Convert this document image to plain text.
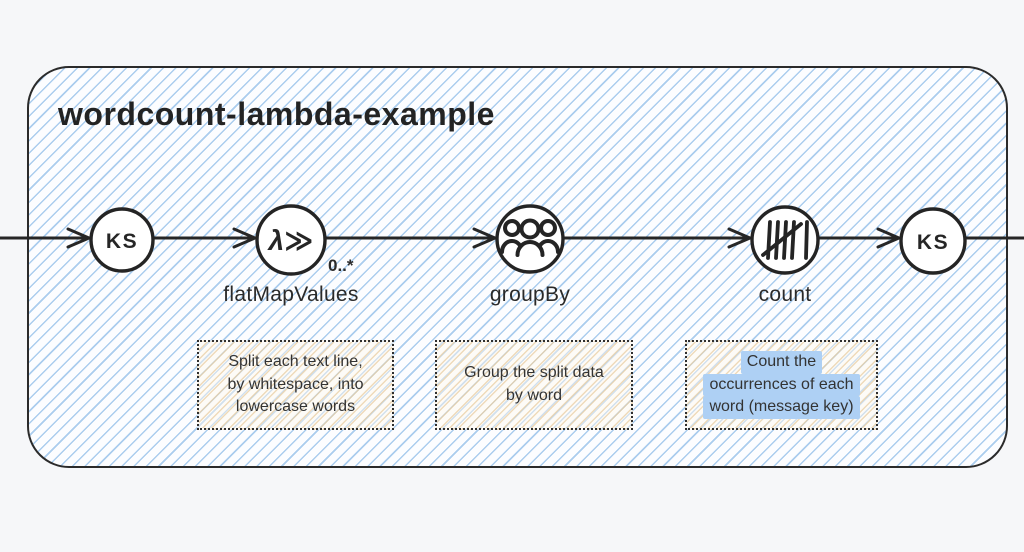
wordcount-lambda-example
KS	λ≫	KS
flatMapValues	groupBy	count
0..*
Split each text line,
by whitespace, into
lowercase words
Group the split data
by word
Count the
occurrences of each
word (message key)
